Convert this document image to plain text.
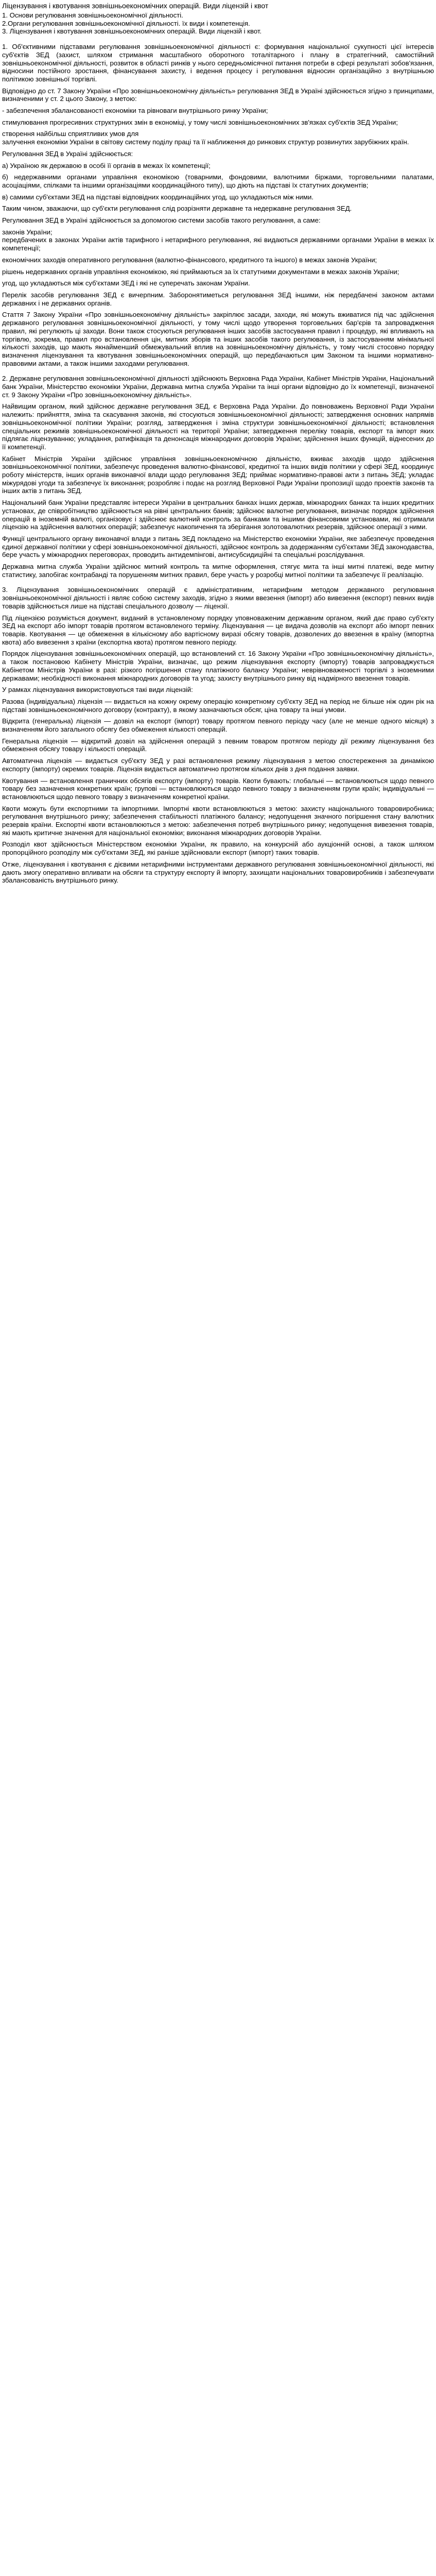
Ліцензування і квотування зовнішньоекономічних операцій. Види ліцензій і квот

1. Основи регулювання зовнішньоекономічної діяльності.

2.Органи регулювання зовнішньоекономічної діяльності. їх види і компетенція.

3. Ліцензування і квотування зовнішньоекономічних операцій. Види ліцензій і квот.

1. Об'єктивними підставами регулювання зовнішньоекономічної діяльності є: формування національної сукупності цієї інтересів суб'єктів ЗЕД (захист, шляхом стримання масштабного оборотного тоталітарного і плану в стратегічний, самостійний зовнішньоекономічної діяльності, розвиток в області ринків у нього середньомісячної питання потреби в сфері результаті зобов'язання, відносини постійного зростання, фінансування захисту, і ведення процесу і регулювання відносин організаційно з внутрішньою політикою зовнішньої торгівлі.

Відповідно до ст. 7 Закону України «Про зовнішньоекономічну діяльність» регулювання ЗЕД в Україні здійснюється згідно з принципами, визначеними у ст. 2 цього Закону, з метою:

- забезпечення збалансованості економіки та рівноваги внутрішнього ринку України;

стимулювання прогресивних структурних змін в економіці, у тому числі зовнішньоекономічних зв'язках суб'єктів ЗЕД України;

створення найбільш сприятливих умов для

залучення економіки України в світову систему поділу праці та її наближення до ринкових структур розвинутих зарубіжних країн.

Регулювання ЗЕД в Україні здійснюється:

а) Україною як державою в особі її органів в межах їх компетенції;

б) недержавними органами управління економікою (товарними, фондовими, валютними біржами, торговельними палатами, асоціаціями, спілками та іншими організаціями координаційного типу), що діють на підставі їх статутних документів;

в) самими суб'єктами ЗЕД на підставі відповідних координаційних угод, що укладаються між ними.

Таким чином, зважаючи, що суб'єкти регулювання слід розрізняти державне та недержавне регулювання ЗЕД.

Регулювання ЗЕД в Україні здійснюється за допомогою системи засобів такого регулювання, а саме:

законів України;

передбачених в законах України актів тарифного і нетарифного регулювання, які видаються державними органами України в межах їх компетенції;

економічних заходів оперативного регулювання (валютно-фінансового, кредитного та іншого) в межах законів України;

рішень недержавних органів управління економікою, які приймаються за їх статутними документами в межах законів України;

угод, що укладаються між суб'єктами ЗЕД і які не суперечать законам України.

Перелік засобів регулювання ЗЕД є вичерпним. Заборонятиметься регулювання ЗЕД іншими, ніж передбачені законом актами державних і не державних органів.

Стаття 7 Закону України «Про зовнішньоекономічну діяльність» закріплює засади, заходи, які можуть вживатися під час здійснення державного регулювання зовнішньоекономічної діяльності, у тому числі щодо утворення торговельних бар'єрів та запровадження правил, які регулюють ці заходи. Вони також стосуються регулювання інших засобів застосування правил і процедур, які впливають на торгівлю, зокрема, правил про встановлення цін, митних зборів та інших засобів такого регулювання, із застосуванням мінімальної кількості заходів, що мають якнайменший обмежувальний вплив на зовнішньоекономічну діяльність, у тому числі стосовно порядку визначення ліцензування та квотування зовнішньоекономічних операцій, що передбачаються цим Законом та іншими нормативно-правовими актами, а також іншими заходами регулювання.

2. Державне регулювання зовнішньоекономічної діяльності здійснюють Верховна Рада України, Кабінет Міністрів України, Національний банк України, Міністерство економіки України, Державна митна служба України та інші органи відповідно до їх компетенції, визначеної ст. 9 Закону України «Про зовнішньоекономічну діяльність».

Найвищим органом, який здійснює державне регулювання ЗЕД, є Верховна Рада України. До повноважень Верховної Ради України належить: прийняття, зміна та скасування законів, які стосуються зовнішньоекономічної діяльності; затвердження основних напрямів зовнішньоекономічної політики України; розгляд, затвердження і зміна структури зовнішньоекономічної діяльності; встановлення спеціальних режимів зовнішньоекономічної діяльності на території України; затвердження переліку товарів, експорт та імпорт яких підлягає ліцензуванню; укладання, ратифікація та денонсація міжнародних договорів України; здійснення інших функцій, віднесених до її компетенції.

Кабінет Міністрів України здійснює управління зовнішньоекономічною діяльністю, вживає заходів щодо здійснення зовнішньоекономічної політики, забезпечує проведення валютно-фінансової, кредитної та інших видів політики у сфері ЗЕД, координує роботу міністерств, інших органів виконавчої влади щодо регулювання ЗЕД; приймає нормативно-правові акти з питань ЗЕД; укладає міжурядові угоди та забезпечує їх виконання; розробляє і подає на розгляд Верховної Ради України пропозиції щодо проектів законів та інших актів з питань ЗЕД.

Національний банк України представляє інтереси України в центральних банках інших держав, міжнародних банках та інших кредитних установах, де співробітництво здійснюється на рівні центральних банків; здійснює валютне регулювання, визначає порядок здійснення операцій в іноземній валюті, організовує і здійснює валютний контроль за банками та іншими фінансовими установами, які отримали ліцензію на здійснення валютних операцій; забезпечує накопичення та зберігання золотовалютних резервів, здійснює операції з ними.

Функції центрального органу виконавчої влади з питань ЗЕД покладено на Міністерство економіки України, яке забезпечує проведення єдиної державної політики у сфері зовнішньоекономічної діяльності, здійснює контроль за додержанням суб'єктами ЗЕД законодавства, бере участь у міжнародних переговорах, проводить антидемпінгові, антисубсидиційні та спеціальні розслідування.

Державна митна служба України здійснює митний контроль та митне оформлення, стягує мита та інші митні платежі, веде митну статистику, запобігає контрабанді та порушенням митних правил, бере участь у розробці митної політики та забезпечує її реалізацію.

3. Ліцензування зовнішньоекономічних операцій є адміністративним, нетарифним методом державного регулювання зовнішньоекономічної діяльності і являє собою систему заходів, згідно з якими ввезення (імпорт) або вивезення (експорт) певних видів товарів здійснюється лише на підставі спеціального дозволу — ліцензії.

Під ліцензією розуміється документ, виданий в установленому порядку уповноваженим державним органом, який дає право суб'єкту ЗЕД на експорт або імпорт товарів протягом встановленого терміну. Ліцензування — це видача дозволів на експорт або імпорт певних товарів. Квотування — це обмеження в кількісному або вартісному виразі обсягу товарів, дозволених до ввезення в країну (імпортна квота) або вивезення з країни (експортна квота) протягом певного періоду.

Порядок ліцензування зовнішньоекономічних операцій, що встановлений ст. 16 Закону України «Про зовнішньоекономічну діяльність», а також постановою Кабінету Міністрів України, визначає, що режим ліцензування експорту (імпорту) товарів запроваджується Кабінетом Міністрів України в разі: різкого погіршення стану платіжного балансу України; неврівноваженості торгівлі з іноземними державами; необхідності виконання міжнародних договорів та угод; захисту внутрішнього ринку від надмірного ввезення товарів.

У рамках ліцензування використовуються такі види ліцензій:

Разова (індивідуальна) ліцензія — видається на кожну окрему операцію конкретному суб'єкту ЗЕД на період не більше ніж один рік на підставі зовнішньоекономічного договору (контракту), в якому зазначаються обсяг, ціна товару та інші умови.

Відкрита (генеральна) ліцензія — дозвіл на експорт (імпорт) товару протягом певного періоду часу (але не менше одного місяця) з визначенням його загального обсягу без обмеження кількості операцій.

Генеральна ліцензія — відкритий дозвіл на здійснення операцій з певним товаром протягом періоду дії режиму ліцензування без обмеження обсягу товару і кількості операцій.

Автоматична ліцензія — видається суб'єкту ЗЕД у разі встановлення режиму ліцензування з метою спостереження за динамікою експорту (імпорту) окремих товарів. Ліцензія видається автоматично протягом кількох днів з дня подання заявки.

Квотування — встановлення граничних обсягів експорту (імпорту) товарів. Квоти бувають: глобальні — встановлюються щодо певного товару без зазначення конкретних країн; групові — встановлюються щодо певного товару з визначенням групи країн; індивідуальні — встановлюються щодо певного товару з визначенням конкретної країни.

Квоти можуть бути експортними та імпортними. Імпортні квоти встановлюються з метою: захисту національного товаровиробника; регулювання внутрішнього ринку; забезпечення стабільності платіжного балансу; недопущення значного погіршення стану валютних резервів країни. Експортні квоти встановлюються з метою: забезпечення потреб внутрішнього ринку; недопущення вивезення товарів, які мають критичне значення для національної економіки; виконання міжнародних договорів України.

Розподіл квот здійснюється Міністерством економіки України, як правило, на конкурсній або аукціонній основі, а також шляхом пропорційного розподілу між суб'єктами ЗЕД, які раніше здійснювали експорт (імпорт) таких товарів.

Отже, ліцензування і квотування є дієвими нетарифними інструментами державного регулювання зовнішньоекономічної діяльності, які дають змогу оперативно впливати на обсяги та структуру експорту й імпорту, захищати національних товаровиробників і забезпечувати збалансованість внутрішнього ринку.
